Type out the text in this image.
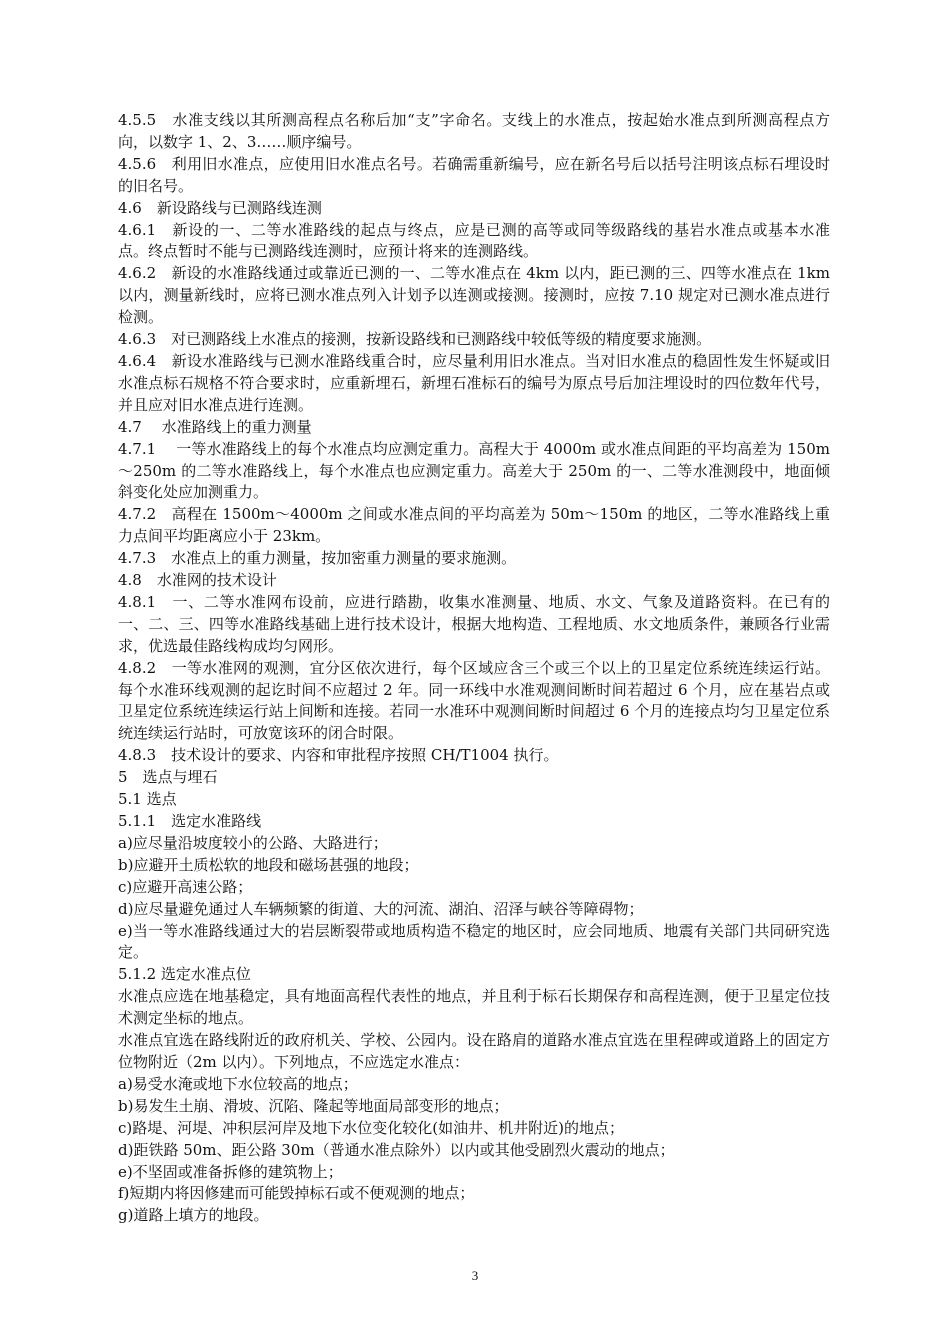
4.5.5　水准支线以其所测高程点名称后加“支”字命名。支线上的水准点，按起始水准点到所测高程点方向，以数字 1、2、3……顺序编号。

4.5.6　利用旧水准点，应使用旧水准点名号。若确需重新编号，应在新名号后以括号注明该点标石埋设时的旧名号。

4.6　新设路线与已测路线连测

4.6.1　新设的一、二等水准路线的起点与终点，应是已测的高等或同等级路线的基岩水准点或基本水准点。终点暂时不能与已测路线连测时，应预计将来的连测路线。

4.6.2　新设的水准路线通过或靠近已测的一、二等水准点在 4km 以内，距已测的三、四等水准点在 1km 以内，测量新线时，应将已测水准点列入计划予以连测或接测。接测时，应按 7.10 规定对已测水准点进行检测。

4.6.3　对已测路线上水准点的接测，按新设路线和已测路线中较低等级的精度要求施测。

4.6.4　新设水准路线与已测水准路线重合时，应尽量利用旧水准点。当对旧水准点的稳固性发生怀疑或旧水准点标石规格不符合要求时，应重新埋石，新埋石准标石的编号为原点号后加注埋设时的四位数年代号，并且应对旧水准点进行连测。

4.7　 水准路线上的重力测量

4.7.1　 一等水准路线上的每个水准点均应测定重力。高程大于 4000m 或水准点间距的平均高差为 150m～250m 的二等水准路线上，每个水准点也应测定重力。高差大于 250m 的一、二等水准测段中，地面倾斜变化处应加测重力。

4.7.2　高程在 1500m～4000m 之间或水准点间的平均高差为 50m～150m 的地区，二等水准路线上重力点间平均距离应小于 23km。

4.7.3　水准点上的重力测量，按加密重力测量的要求施测。

4.8　水准网的技术设计

4.8.1　一、二等水准网布设前，应进行踏勘，收集水准测量、地质、水文、气象及道路资料。在已有的一、二、三、四等水准路线基础上进行技术设计，根据大地构造、工程地质、水文地质条件，兼顾各行业需求，优选最佳路线构成均匀网形。

4.8.2　一等水准网的观测，宜分区依次进行，每个区域应含三个或三个以上的卫星定位系统连续运行站。每个水准环线观测的起讫时间不应超过 2 年。同一环线中水准观测间断时间若超过 6 个月，应在基岩点或卫星定位系统连续运行站上间断和连接。若同一水准环中观测间断时间超过 6 个月的连接点均匀卫星定位系统连续运行站时，可放宽该环的闭合时限。

4.8.3　技术设计的要求、内容和审批程序按照 CH/T1004 执行。

5　选点与埋石

5.1 选点

5.1.1　选定水准路线

a)应尽量沿坡度较小的公路、大路进行；

b)应避开土质松软的地段和磁场甚强的地段；

c)应避开高速公路；

d)应尽量避免通过人车辆频繁的街道、大的河流、湖泊、沼泽与峡谷等障碍物；

e)当一等水准路线通过大的岩层断裂带或地质构造不稳定的地区时，应会同地质、地震有关部门共同研究选定。

5.1.2 选定水准点位

水准点应选在地基稳定，具有地面高程代表性的地点，并且利于标石长期保存和高程连测，便于卫星定位技术测定坐标的地点。

水准点宜选在路线附近的政府机关、学校、公园内。设在路肩的道路水准点宜选在里程碑或道路上的固定方位物附近（2m 以内）。下列地点，不应选定水准点：

a)易受水淹或地下水位较高的地点；

b)易发生土崩、滑坡、沉陷、隆起等地面局部变形的地点；

c)路堤、河堤、冲积层河岸及地下水位变化较化(如油井、机井附近)的地点；

d)距铁路 50m、距公路 30m（普通水准点除外）以内或其他受剧烈火震动的地点；

e)不坚固或准备拆修的建筑物上；

f)短期内将因修建而可能毁掉标石或不便观测的地点；

g)道路上填方的地段。

3
